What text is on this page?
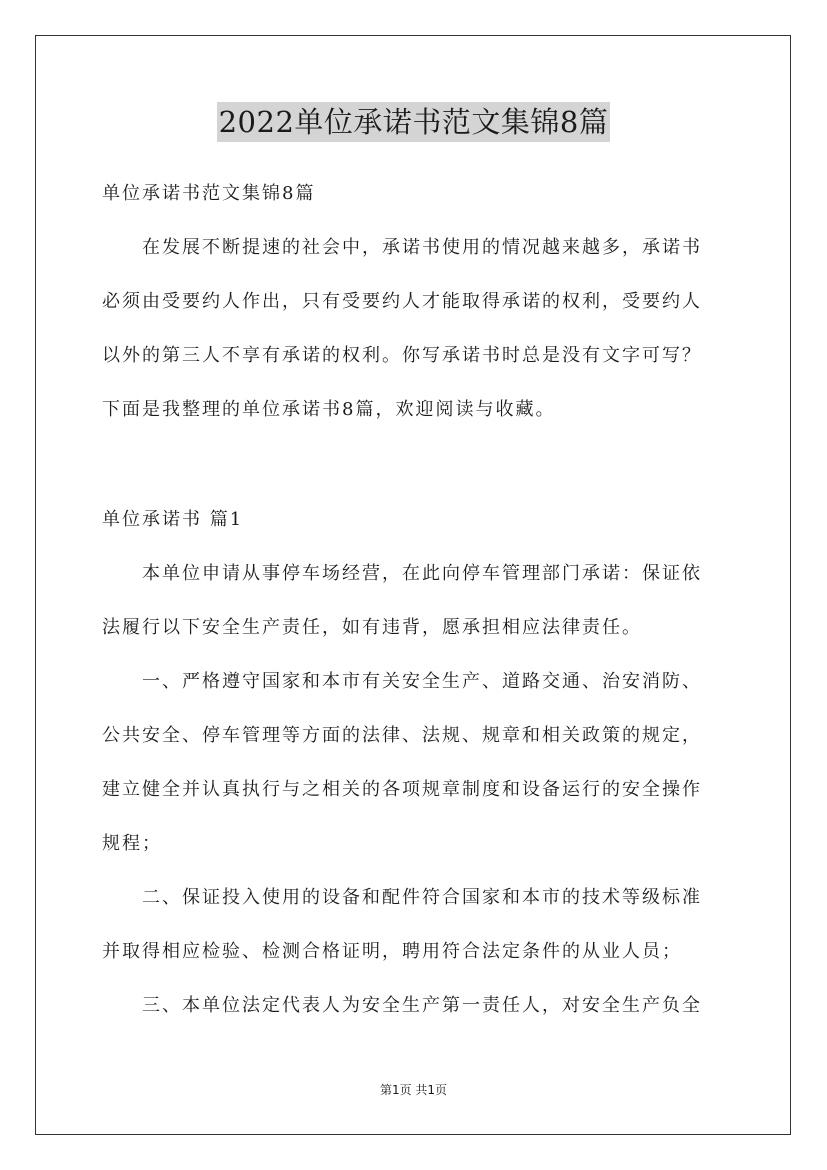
2022单位承诺书范文集锦8篇
单位承诺书范文集锦8篇
在发展不断提速的社会中，承诺书使用的情况越来越多，承诺书
必须由受要约人作出，只有受要约人才能取得承诺的权利，受要约人
以外的第三人不享有承诺的权利。你写承诺书时总是没有文字可写？
下面是我整理的单位承诺书8篇，欢迎阅读与收藏。
单位承诺书 篇1
本单位申请从事停车场经营，在此向停车管理部门承诺：保证依
法履行以下安全生产责任，如有违背，愿承担相应法律责任。
一、严格遵守国家和本市有关安全生产、道路交通、治安消防、
公共安全、停车管理等方面的法律、法规、规章和相关政策的规定，
建立健全并认真执行与之相关的各项规章制度和设备运行的安全操作
规程；
二、保证投入使用的设备和配件符合国家和本市的技术等级标准
并取得相应检验、检测合格证明，聘用符合法定条件的从业人员；
三、本单位法定代表人为安全生产第一责任人，对安全生产负全
第1页 共1页
